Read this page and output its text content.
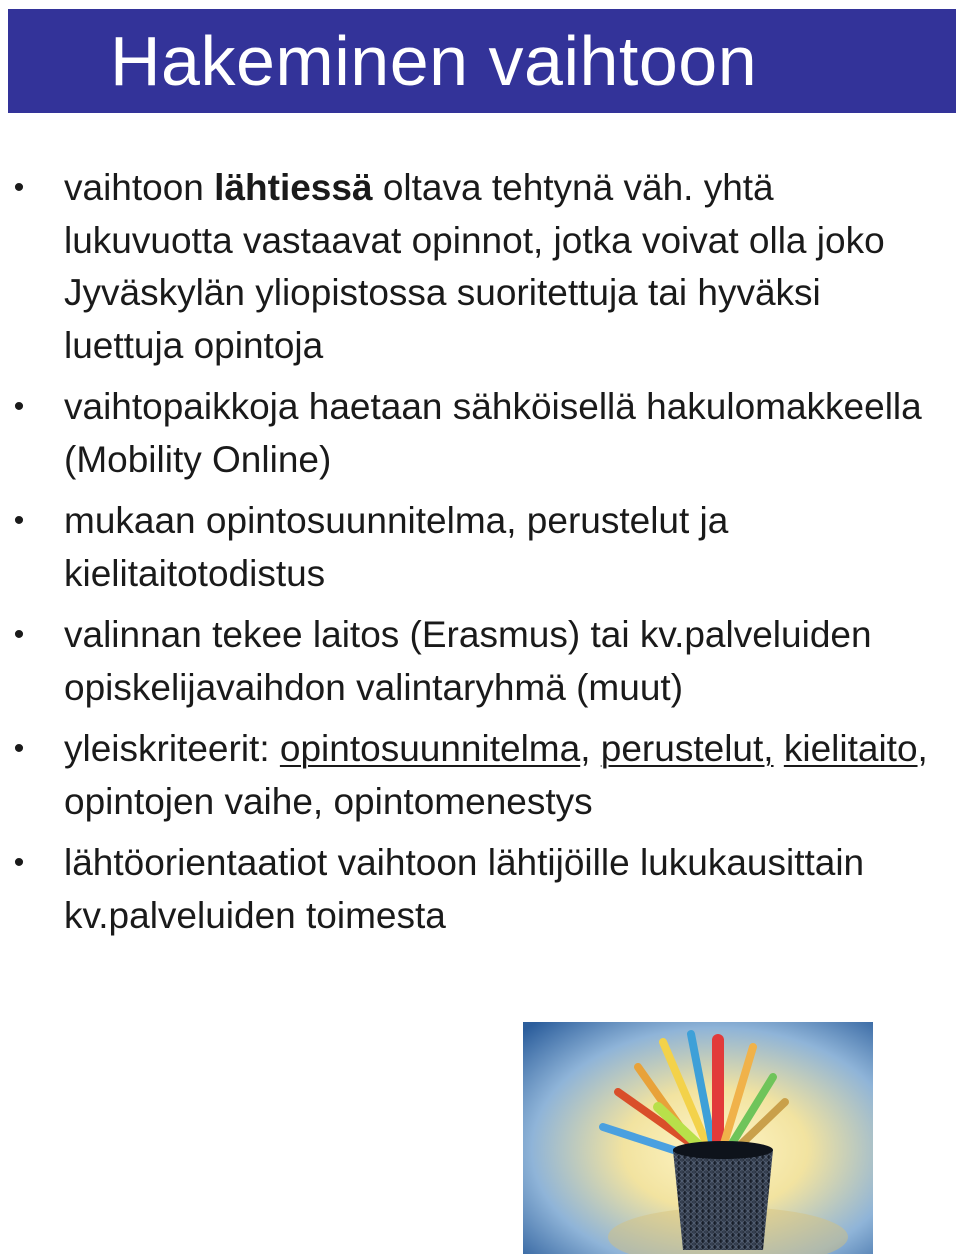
Hakeminen vaihtoon
• vaihtoon lähtiessä oltava tehtynä väh. yhtä lukuvuotta vastaavat opinnot, jotka voivat olla joko Jyväskylän yliopistossa suoritettuja tai hyväksi luettuja opintoja
• vaihtopaikkoja haetaan sähköisellä hakulomakkeella (Mobility Online)
• mukaan opintosuunnitelma, perustelut ja kielitaitotodistus
• valinnan tekee laitos (Erasmus) tai kv.palveluiden opiskelijavaihdon valintaryhmä (muut)
• yleiskriteerit: opintosuunnitelma, perustelut, kielitaito, opintojen vaihe, opintomenestys
• lähtöorientaatiot vaihtoon lähtijöille lukukausittain kv.palveluiden toimesta
